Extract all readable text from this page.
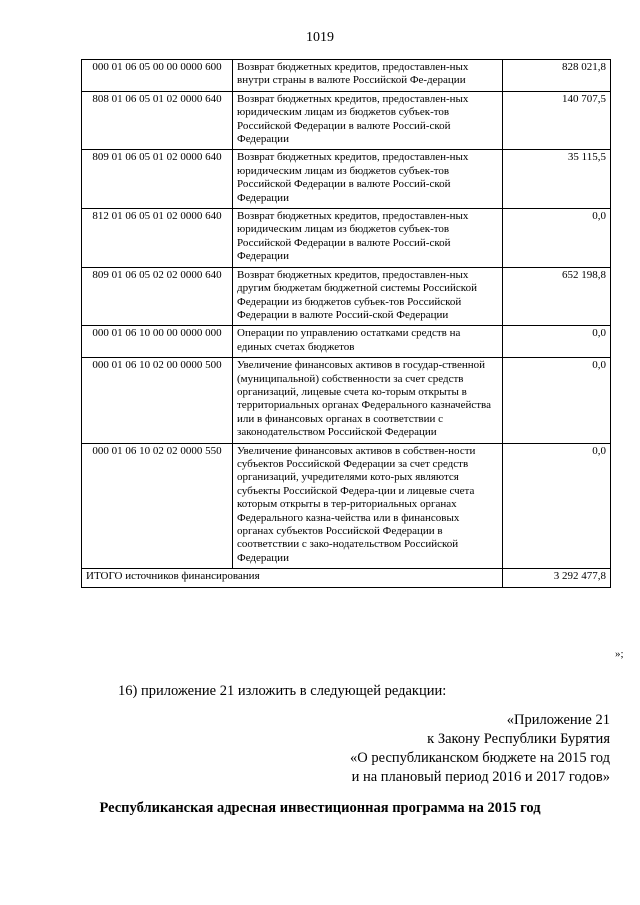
1019
000 01 06 05 00 00 0000 600	Возврат бюджетных кредитов, предоставлен-ных внутри страны в валюте Российской Фе-дерации	828 021,8
808 01 06 05 01 02 0000 640	Возврат бюджетных кредитов, предоставлен-ных юридическим лицам из бюджетов субъек-тов Российской Федерации в валюте Россий-ской Федерации	140 707,5
809 01 06 05 01 02 0000 640	Возврат бюджетных кредитов, предоставлен-ных юридическим лицам из бюджетов субъек-тов Российской Федерации в валюте Россий-ской Федерации	35 115,5
812 01 06 05 01 02 0000 640	Возврат бюджетных кредитов, предоставлен-ных юридическим лицам из бюджетов субъек-тов Российской Федерации в валюте Россий-ской Федерации	0,0
809 01 06 05 02 02 0000 640	Возврат бюджетных кредитов, предоставлен-ных другим бюджетам бюджетной системы Российской Федерации из бюджетов субъек-тов Российской Федерации в валюте Россий-ской Федерации	652 198,8
000 01 06 10 00 00 0000 000	Операции по управлению остатками средств на единых счетах бюджетов	0,0
000 01 06 10 02 00 0000 500	Увеличение финансовых активов в государ-ственной (муниципальной) собственности за счет средств организаций, лицевые счета ко-торым открыты в территориальных органах Федерального казначейства или в финансовых органах в соответствии с законодательством Российской Федерации	0,0
000 01 06 10 02 02 0000 550	Увеличение финансовых активов в собствен-ности субъектов Российской Федерации за счет средств организаций, учредителями кото-рых являются субъекты Российской Федера-ции и лицевые счета которым открыты в тер-риториальных органах Федерального казна-чейства или в финансовых органах субъектов Российской Федерации в соответствии с зако-нодательством Российской Федерации	0,0
ИТОГО источников финансирования		3 292 477,8
»;
16) приложение 21 изложить в следующей редакции:
«Приложение 21
к Закону Республики Бурятия
«О республиканском бюджете на 2015 год
и на плановый период 2016 и 2017 годов»
Республиканская адресная инвестиционная программа на 2015 год
